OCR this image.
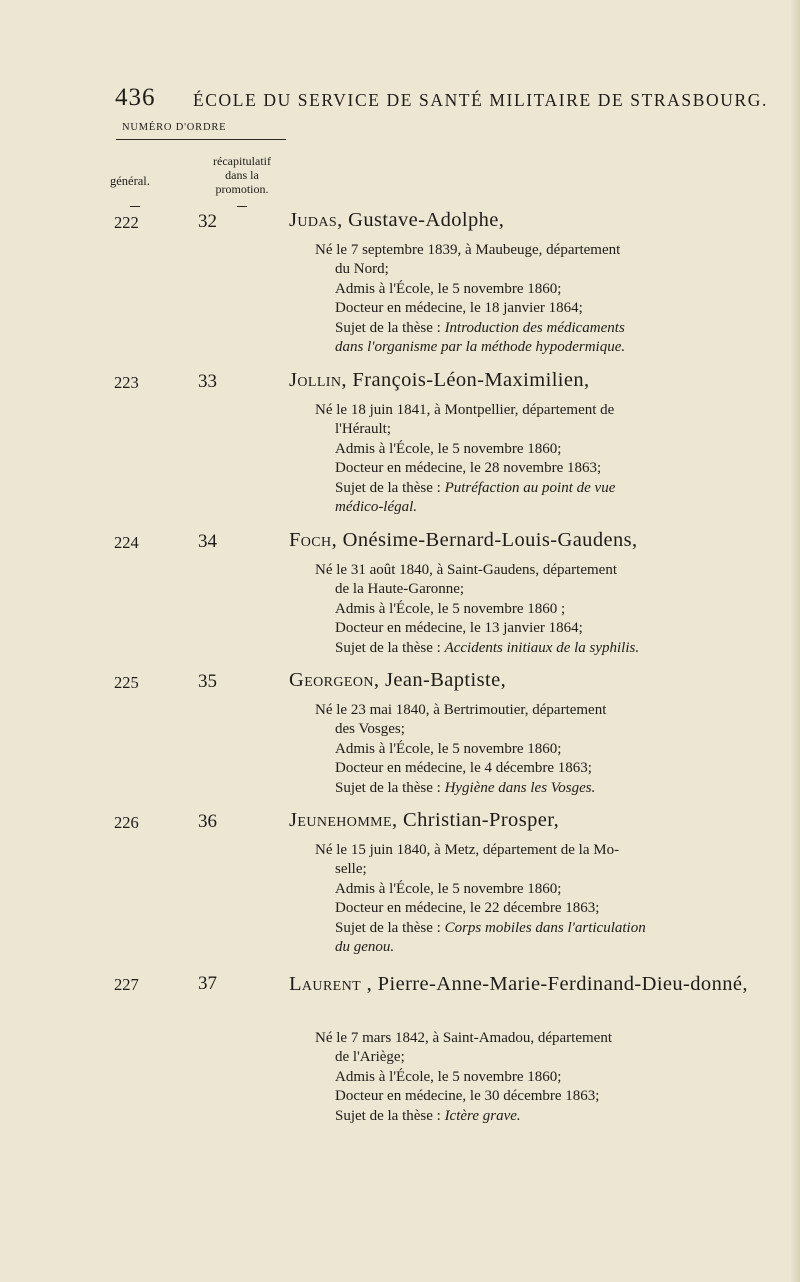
436 ÉCOLE DU SERVICE DE SANTÉ MILITAIRE DE STRASBOURG.
NUMÉRO D'ORDRE
général.
récapitulatif
dans la
promotion.
222	32	Judas, Gustave-Adolphe,

Né le 7 septembre 1839, à Maubeuge, département

du Nord;

Admis à l'École, le 5 novembre 1860;

Docteur en médecine, le 18 janvier 1864;

Sujet de la thèse : Introduction des médicaments

dans l'organisme par la méthode hypodermique.

223	33	Jollin, François-Léon-Maximilien,

Né le 18 juin 1841, à Montpellier, département de

l'Hérault;

Admis à l'École, le 5 novembre 1860;

Docteur en médecine, le 28 novembre 1863;

Sujet de la thèse : Putréfaction au point de vue

médico-légal.

224	34	Foch, Onésime-Bernard-Louis-Gaudens,

Né le 31 août 1840, à Saint-Gaudens, département

de la Haute-Garonne;

Admis à l'École, le 5 novembre 1860 ;

Docteur en médecine, le 13 janvier 1864;

Sujet de la thèse : Accidents initiaux de la syphilis.

225	35	Georgeon, Jean-Baptiste,

Né le 23 mai 1840, à Bertrimoutier, département

des Vosges;

Admis à l'École, le 5 novembre 1860;

Docteur en médecine, le 4 décembre 1863;

Sujet de la thèse : Hygiène dans les Vosges.

226	36	Jeunehomme, Christian-Prosper,

Né le 15 juin 1840, à Metz, département de la Mo-

selle;

Admis à l'École, le 5 novembre 1860;

Docteur en médecine, le 22 décembre 1863;

Sujet de la thèse : Corps mobiles dans l'articulation

du genou.

227	37	Laurent , Pierre-Anne-Marie-Ferdinand-Dieu-donné,

Né le 7 mars 1842, à Saint-Amadou, département

de l'Ariège;

Admis à l'École, le 5 novembre 1860;

Docteur en médecine, le 30 décembre 1863;

Sujet de la thèse : Ictère grave.
